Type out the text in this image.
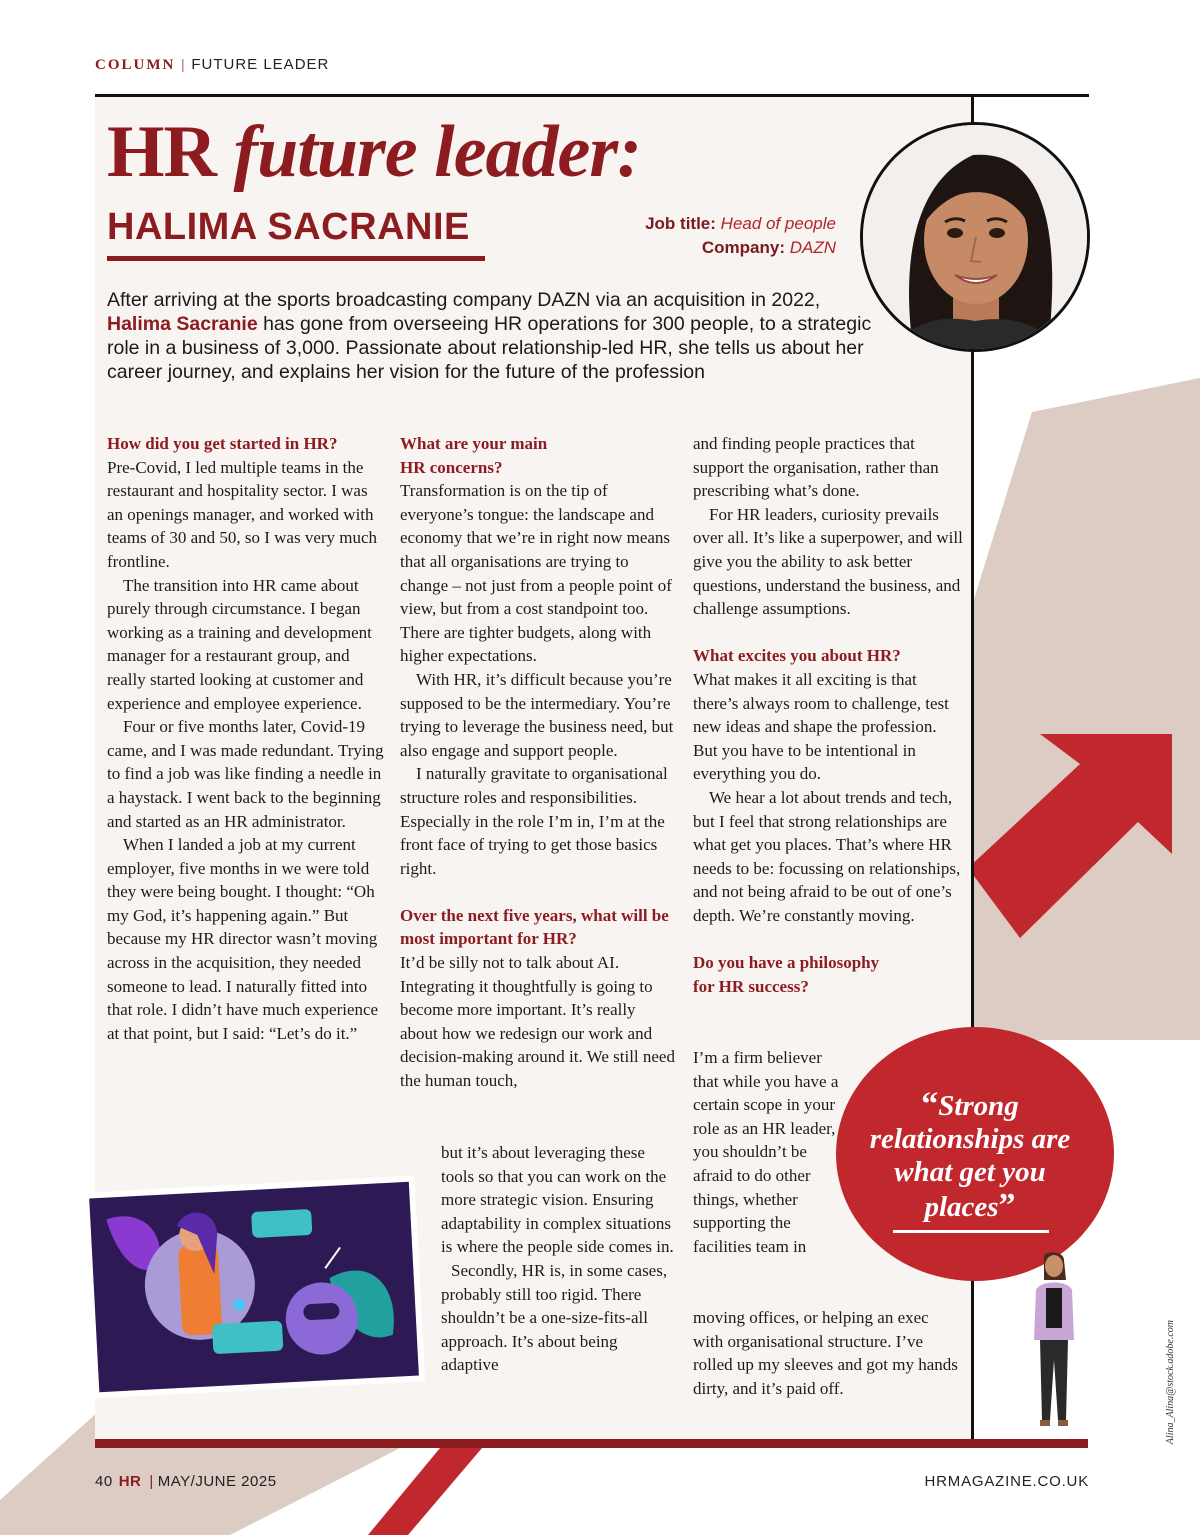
COLUMN | FUTURE LEADER
HR future leader:
HALIMA SACRANIE	Job title: Head of people
Company: DAZN
After arriving at the sports broadcasting company DAZN via an acquisition in 2022,
Halima Sacranie has gone from overseeing HR operations for 300 people, to a strategic role in a business of 3,000. Passionate about relationship-led HR, she tells us about her career journey, and explains her vision for the future of the profession
How did you get started in HR?

Pre-Covid, I led multiple teams in the restaurant and hospitality sector. I was an openings manager, and worked with teams of 30 and 50, so I was very much frontline.

The transition into HR came about purely through circumstance. I began working as a training and development manager for a restaurant group, and really started looking at customer and experience and employee experience.

Four or five months later, Covid-19 came, and I was made redundant. Trying to find a job was like finding a needle in a haystack. I went back to the beginning and started as an HR administrator.

When I landed a job at my current employer, five months in we were told they were being bought. I thought: “Oh my God, it’s happening again.” But because my HR director wasn’t moving across in the acquisition, they needed someone to lead. I naturally fitted into that role. I didn’t have much experience at that point, but I said: “Let’s do it.”

What are your main
HR concerns?

Transformation is on the tip of everyone’s tongue: the landscape and economy that we’re in right now means that all organisations are trying to change – not just from a people point of view, but from a cost standpoint too. There are tighter budgets, along with higher expectations.

With HR, it’s difficult because you’re supposed to be the intermediary. You’re trying to leverage the business need, but also engage and support people.

I naturally gravitate to organisational structure roles and responsibilities. Especially in the role I’m in, I’m at the front face of trying to get those basics right.

Over the next five years, what will be most important for HR?

It’d be silly not to talk about AI. Integrating it thoughtfully is going to become more important. It’s really about how we redesign our work and decision-making around it. We still need the human touch,

but it’s about leveraging these tools so that you can work on the more strategic vision. Ensuring adaptability in complex situations is where the people side comes in.

Secondly, HR is, in some cases, probably still too rigid. There shouldn’t be a one-size-fits-all approach. It’s about being adaptive

and finding people practices that support the organisation, rather than prescribing what’s done.

For HR leaders, curiosity prevails over all. It’s like a superpower, and will give you the ability to ask better questions, understand the business, and challenge assumptions.

What excites you about HR?

What makes it all exciting is that there’s always room to challenge, test new ideas and shape the profession. But you have to be intentional in everything you do.

We hear a lot about trends and tech, but I feel that strong relationships are what get you places. That’s where HR needs to be: focussing on relationships, and not being afraid to be out of one’s depth. We’re constantly moving.

Do you have a philosophy
for HR success?

I’m a firm believer that while you have a certain scope in your role as an HR leader, you shouldn’t be afraid to do other things, whether supporting the facilities team in

moving offices, or helping an exec with organisational structure. I’ve rolled up my sleeves and got my hands dirty, and it’s paid off.

“Strong relationships are what get you places”
Alina_Alina@stock.adobe.com
40 HR | MAY/JUNE 2025	HRMAGAZINE.CO.UK
